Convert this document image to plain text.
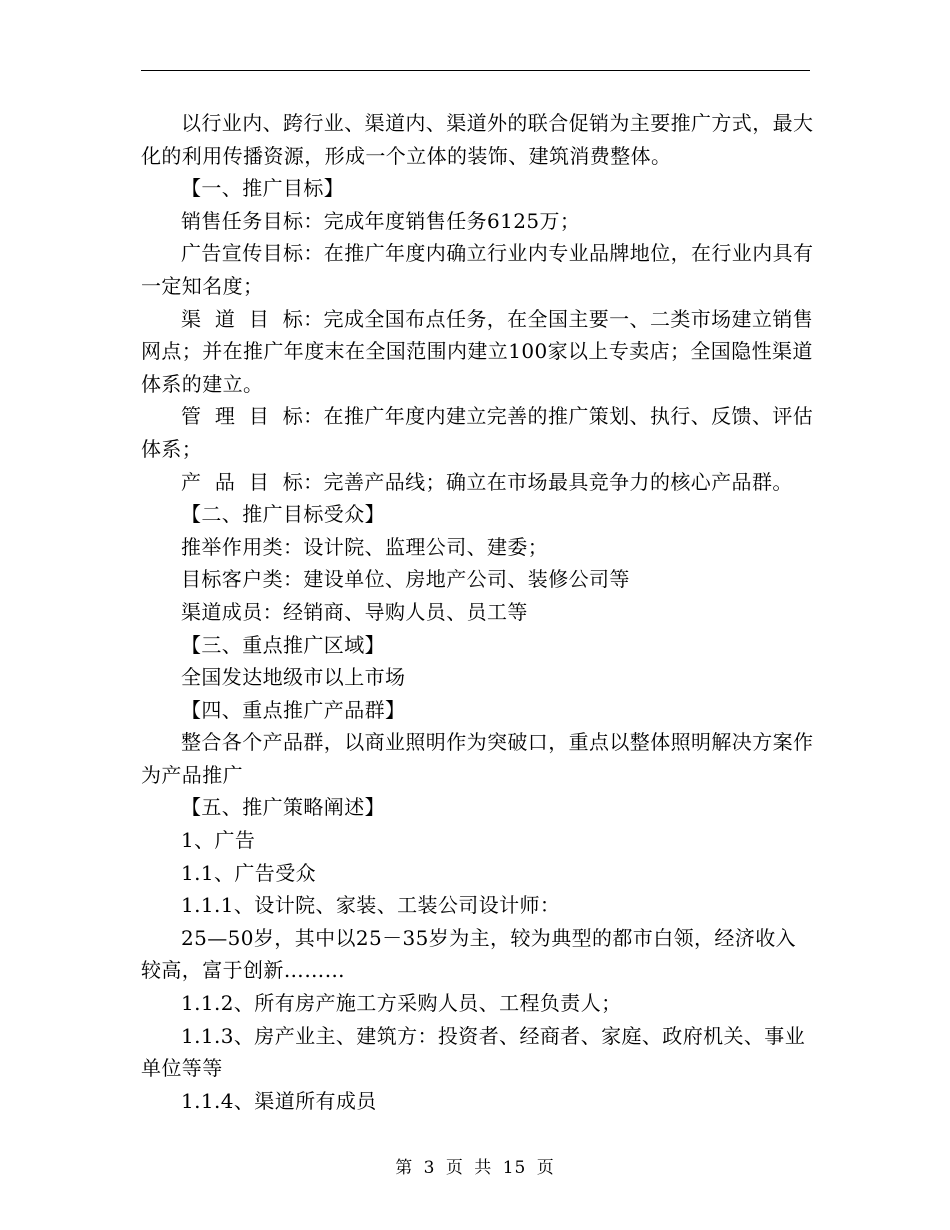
以行业内、跨行业、渠道内、渠道外的联合促销为主要推广方式，最大化的利用传播资源，形成一个立体的装饰、建筑消费整体。

【一、推广目标】

销售任务目标：完成年度销售任务6125万；

广告宣传目标：在推广年度内确立行业内专业品牌地位，在行业内具有一定知名度；

渠  道  目  标：完成全国布点任务，在全国主要一、二类市场建立销售网点；并在推广年度末在全国范围内建立100家以上专卖店；全国隐性渠道体系的建立。

管  理  目  标：在推广年度内建立完善的推广策划、执行、反馈、评估体系；

产  品  目  标：完善产品线；确立在市场最具竞争力的核心产品群。

【二、推广目标受众】

推举作用类：设计院、监理公司、建委；

目标客户类：建设单位、房地产公司、装修公司等

渠道成员：经销商、导购人员、员工等

【三、重点推广区域】

全国发达地级市以上市场

【四、重点推广产品群】

整合各个产品群，以商业照明作为突破口，重点以整体照明解决方案作为产品推广

【五、推广策略阐述】

1、广告

1.1、广告受众

1.1.1、设计院、家装、工装公司设计师：

25—50岁，其中以25－35岁为主，较为典型的都市白领，经济收入较高，富于创新………

1.1.2、所有房产施工方采购人员、工程负责人；

1.1.3、房产业主、建筑方：投资者、经商者、家庭、政府机关、事业单位等等

1.1.4、渠道所有成员

第 3 页 共 15 页
